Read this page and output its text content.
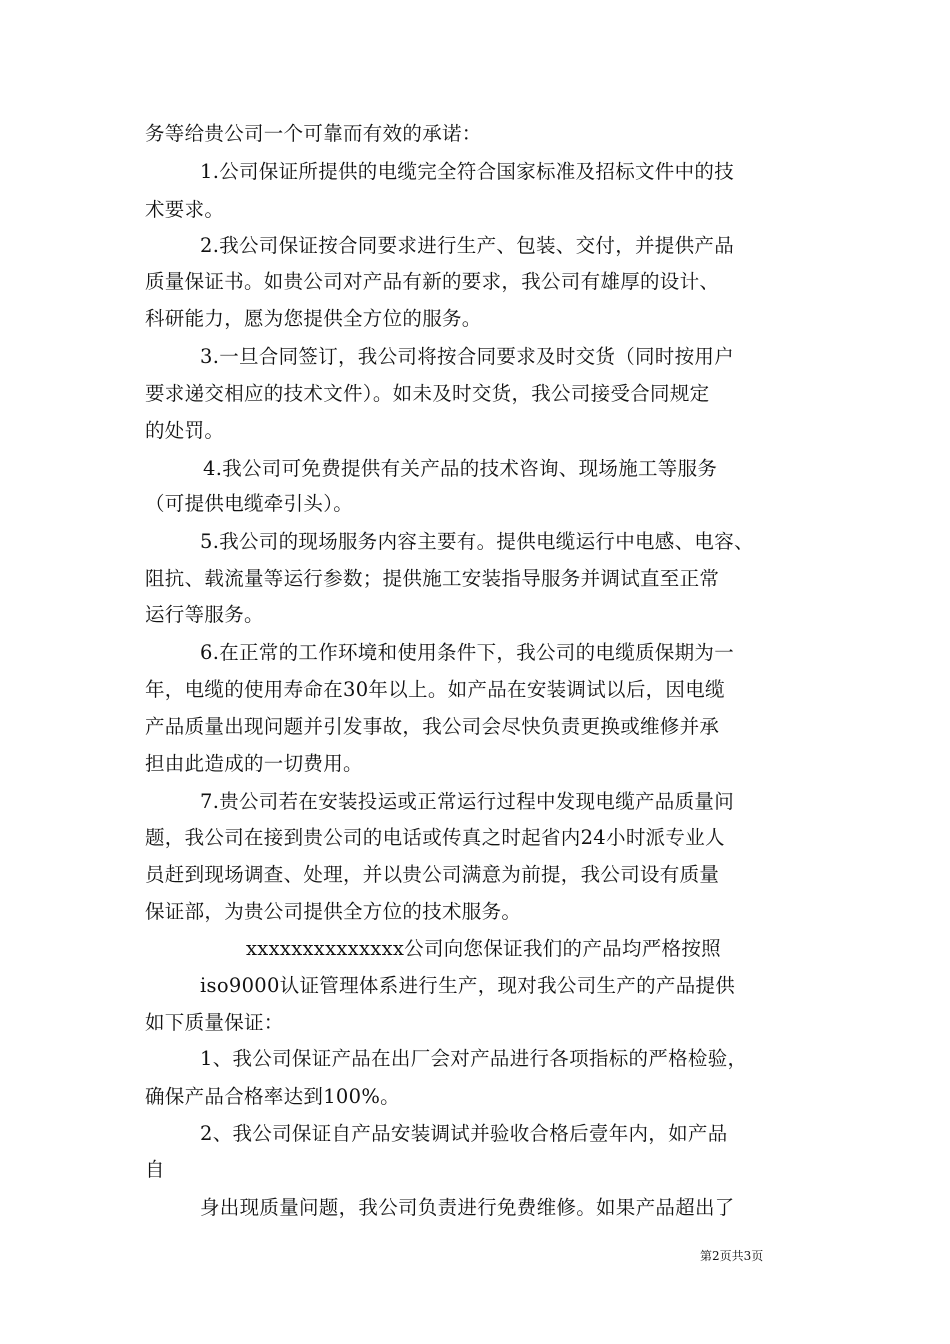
务等给贵公司一个可靠而有效的承诺：
1.公司保证所提供的电缆完全符合国家标准及招标文件中的技
术要求。
2.我公司保证按合同要求进行生产、包装、交付，并提供产品
质量保证书。如贵公司对产品有新的要求，我公司有雄厚的设计、
科研能力，愿为您提供全方位的服务。
3.一旦合同签订，我公司将按合同要求及时交货（同时按用户
要求递交相应的技术文件）。如未及时交货，我公司接受合同规定
的处罚。
4.我公司可免费提供有关产品的技术咨询、现场施工等服务
（可提供电缆牵引头）。
5.我公司的现场服务内容主要有。提供电缆运行中电感、电容、
阻抗、载流量等运行参数；提供施工安装指导服务并调试直至正常
运行等服务。
6.在正常的工作环境和使用条件下，我公司的电缆质保期为一
年，电缆的使用寿命在30年以上。如产品在安装调试以后，因电缆
产品质量出现问题并引发事故，我公司会尽快负责更换或维修并承
担由此造成的一切费用。
7.贵公司若在安装投运或正常运行过程中发现电缆产品质量问
题，我公司在接到贵公司的电话或传真之时起省内24小时派专业人
员赶到现场调查、处理，并以贵公司满意为前提，我公司设有质量
保证部，为贵公司提供全方位的技术服务。
xxxxxxxxxxxxxx公司向您保证我们的产品均严格按照
iso9000认证管理体系进行生产，现对我公司生产的产品提供
如下质量保证：
1、我公司保证产品在出厂会对产品进行各项指标的严格检验，
确保产品合格率达到100%。
2、我公司保证自产品安装调试并验收合格后壹年内，如产品
自
身出现质量问题，我公司负责进行免费维修。如果产品超出了
第2页共3页
